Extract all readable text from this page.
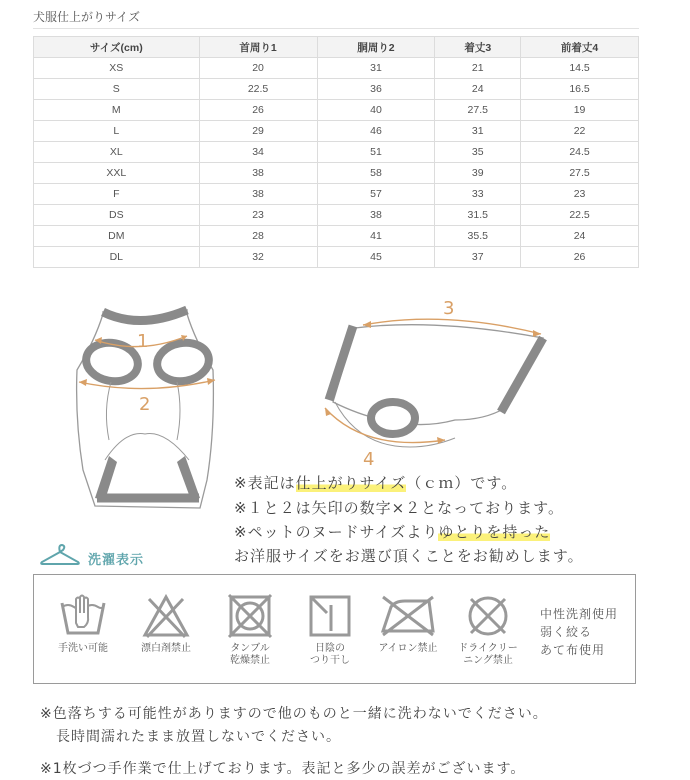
犬服仕上がりサイズ
サイズ(cm)	首周り1	胴周り2	着丈3	前着丈4
XS	20	31	21	14.5
S	22.5	36	24	16.5
M	26	40	27.5	19
L	29	46	31	22
XL	34	51	35	24.5
XXL	38	58	39	27.5
F	38	57	33	23
DS	23	38	31.5	22.5
DM	28	41	35.5	24
DL	32	45	37	26
1
2
3
4
※表記は仕上がりサイズ（ｃｍ）です。
※１と２は矢印の数字×２となっております。
※ペットのヌードサイズよりゆとりを持った
お洋服サイズをお選び頂くことをお勧めします。
洗濯表示
手洗い可能	漂白剤禁止	タンブル
乾燥禁止
日陰の
つり干し
アイロン禁止	ドライクリー
ニング禁止
中性洗剤使用
弱く絞る
あて布使用
※色落ちする可能性がありますので他のものと一緒に洗わないでください。
長時間濡れたまま放置しないでください。
※1枚づつ手作業で仕上げております。表記と多少の誤差がございます。
